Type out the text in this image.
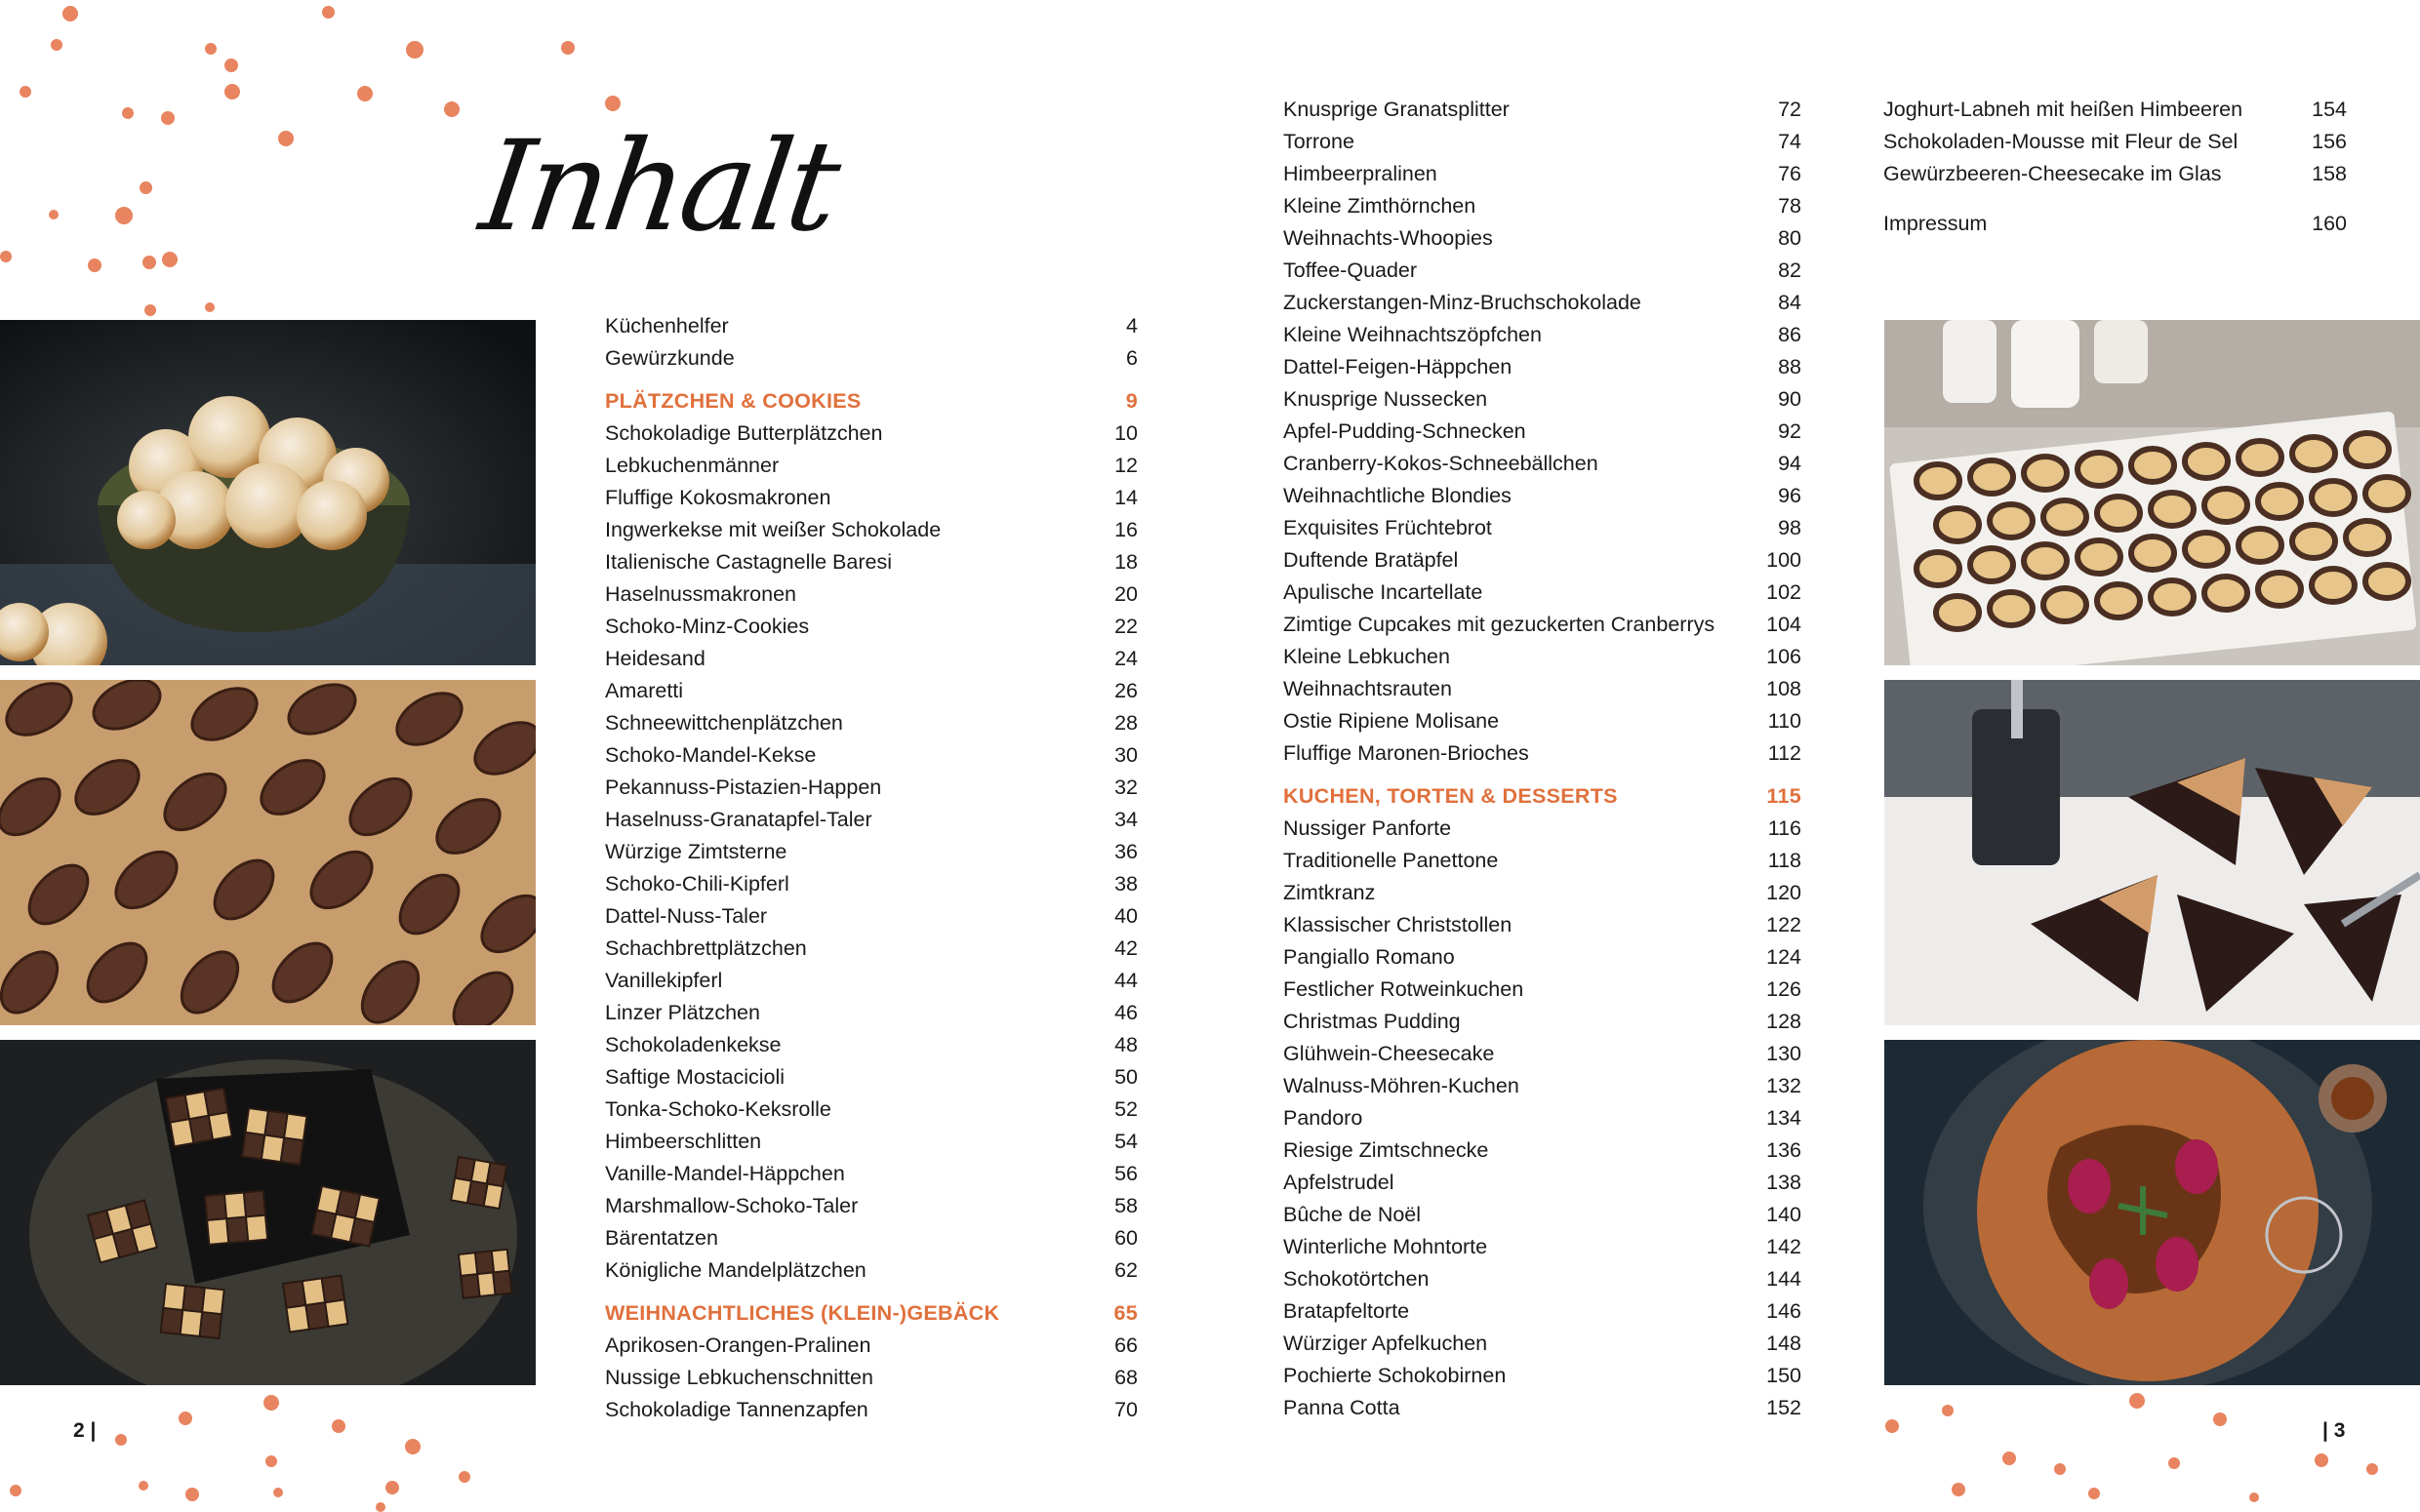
Inhalt
Küchenhelfer	4
Gewürzkunde	6
PLÄTZCHEN & COOKIES	9
Schokoladige Butterplätzchen	10
Lebkuchenmänner	12
Fluffige Kokosmakronen	14
Ingwerkekse mit weißer Schokolade	16
Italienische Castagnelle Baresi	18
Haselnussmakronen	20
Schoko-Minz-Cookies	22
Heidesand	24
Amaretti	26
Schneewittchenplätzchen	28
Schoko-Mandel-Kekse	30
Pekannuss-Pistazien-Happen	32
Haselnuss-Granatapfel-Taler	34
Würzige Zimtsterne	36
Schoko-Chili-Kipferl	38
Dattel-Nuss-Taler	40
Schachbrettplätzchen	42
Vanillekipferl	44
Linzer Plätzchen	46
Schokoladenkekse	48
Saftige Mostacicioli	50
Tonka-Schoko-Keksrolle	52
Himbeerschlitten	54
Vanille-Mandel-Häppchen	56
Marshmallow-Schoko-Taler	58
Bärentatzen	60
Königliche Mandelplätzchen	62
WEIHNACHTLICHES (KLEIN-)GEBÄCK	65
Aprikosen-Orangen-Pralinen	66
Nussige Lebkuchenschnitten	68
Schokoladige Tannenzapfen	70
Knusprige Granatsplitter	72
Torrone	74
Himbeerpralinen	76
Kleine Zimthörnchen	78
Weihnachts-Whoopies	80
Toffee-Quader	82
Zuckerstangen-Minz-Bruchschokolade	84
Kleine Weihnachtszöpfchen	86
Dattel-Feigen-Häppchen	88
Knusprige Nussecken	90
Apfel-Pudding-Schnecken	92
Cranberry-Kokos-Schneebällchen	94
Weihnachtliche Blondies	96
Exquisites Früchtebrot	98
Duftende Bratäpfel	100
Apulische Incartellate	102
Zimtige Cupcakes mit gezuckerten Cranberrys 104
Kleine Lebkuchen	106
Weihnachtsrauten	108
Ostie Ripiene Molisane	110
Fluffige Maronen-Brioches	112
KUCHEN, TORTEN & DESSERTS	115
Nussiger Panforte	116
Traditionelle Panettone	118
Zimtkranz	120
Klassischer Christstollen	122
Pangiallo Romano	124
Festlicher Rotweinkuchen	126
Christmas Pudding	128
Glühwein-Cheesecake	130
Walnuss-Möhren-Kuchen	132
Pandoro	134
Riesige Zimtschnecke	136
Apfelstrudel	138
Bûche de Noël	140
Winterliche Mohntorte	142
Schokotörtchen	144
Bratapfeltorte	146
Würziger Apfelkuchen	148
Pochierte Schokobirnen	150
Panna Cotta	152
Joghurt-Labneh mit heißen Himbeeren	154
Schokoladen-Mousse mit Fleur de Sel	156
Gewürzbeeren-Cheesecake im Glas	158
Impressum	160
2 |	| 3
